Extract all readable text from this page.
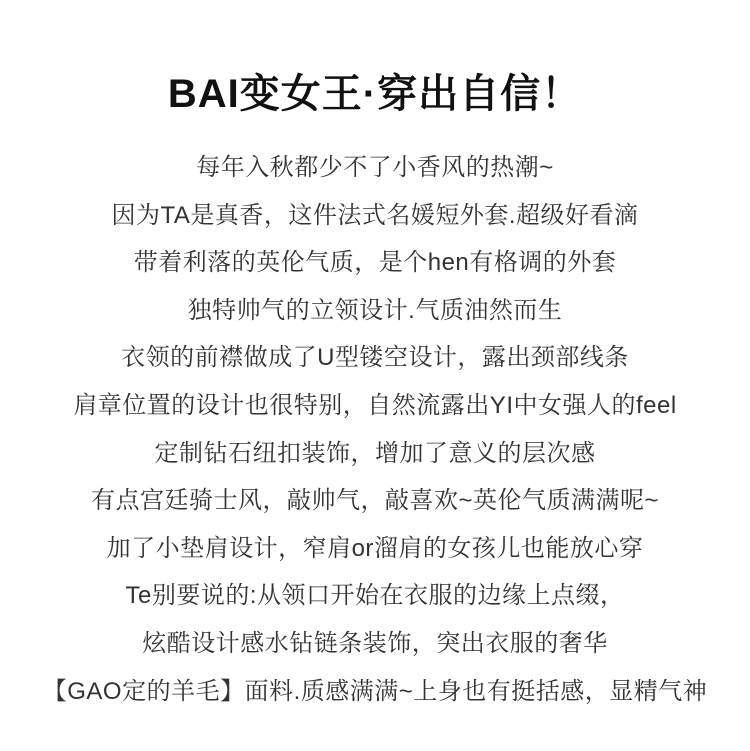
BAI变女王·穿出自信！

每年入秋都少不了小香风的热潮~

因为TA是真香，这件法式名媛短外套.超级好看滴

带着利落的英伦气质，是个hen有格调的外套

独特帅气的立领设计.气质油然而生

衣领的前襟做成了U型镂空设计，露出颈部线条

肩章位置的设计也很特别，自然流露出YI中女强人的feel

定制钻石纽扣装饰，增加了意义的层次感

有点宫廷骑士风，敲帅气，敲喜欢~英伦气质满满呢~

加了小垫肩设计，窄肩or溜肩的女孩儿也能放心穿

Te别要说的:从领口开始在衣服的边缘上点缀，

炫酷设计感水钻链条装饰，突出衣服的奢华

【GAO定的羊毛】面料.质感满满~上身也有挺括感，显精气神
